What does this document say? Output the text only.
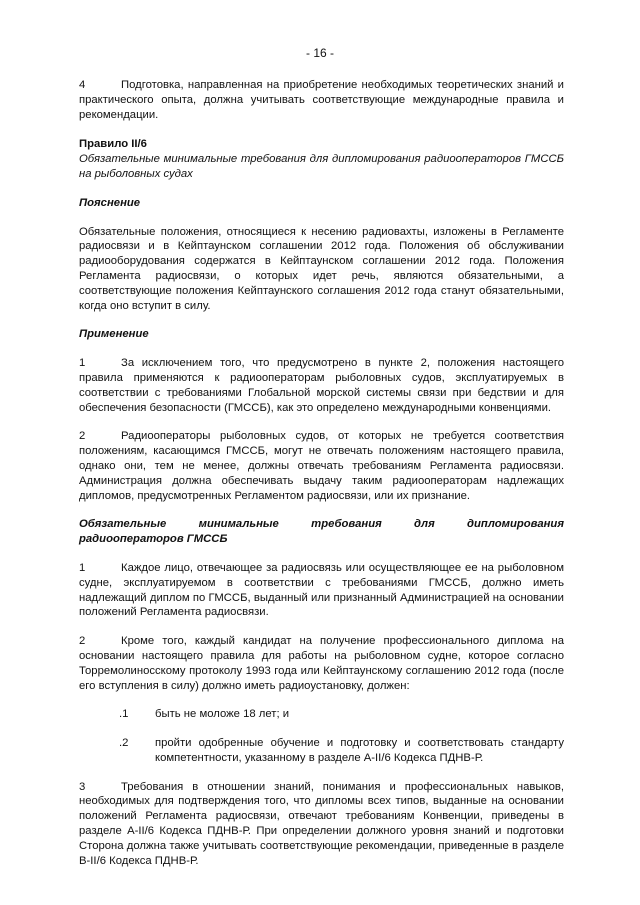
- 16 -

4	Подготовка, направленная на приобретение необходимых теоретических знаний и практического опыта, должна учитывать соответствующие международные правила и рекомендации.

Правило II/6
Обязательные минимальные требования для дипломирования радиооператоров ГМССБ на рыболовных судах
Пояснение

Обязательные положения, относящиеся к несению радиовахты, изложены в Регламенте радиосвязи и в Кейптаунском соглашении 2012 года. Положения об обслуживании радиооборудования содержатся в Кейптаунском соглашении 2012 года. Положения Регламента радиосвязи, о которых идет речь, являются обязательными, а соответствующие положения Кейптаунского соглашения 2012 года станут обязательными, когда оно вступит в силу.

Применение

1	За исключением того, что предусмотрено в пункте 2, положения настоящего правила применяются к радиооператорам рыболовных судов, эксплуатируемых в соответствии с требованиями Глобальной морской системы связи при бедствии и для обеспечения безопасности (ГМССБ), как это определено международными конвенциями.

2	Радиооператоры рыболовных судов, от которых не требуется соответствия положениям, касающимся ГМССБ, могут не отвечать положениям настоящего правила, однако они, тем не менее, должны отвечать требованиям Регламента радиосвязи. Администрация должна обеспечивать выдачу таким радиооператорам надлежащих дипломов, предусмотренных Регламентом радиосвязи, или их признание.

Обязательные минимальные требования для дипломирования
радиооператоров ГМССБ

1	Каждое лицо, отвечающее за радиосвязь или осуществляющее ее на рыболовном судне, эксплуатируемом в соответствии с требованиями ГМССБ, должно иметь надлежащий диплом по ГМССБ, выданный или признанный Администрацией на основании положений Регламента радиосвязи.

2	Кроме того, каждый кандидат на получение профессионального диплома на основании настоящего правила для работы на рыболовном судне, которое согласно Торремолиносскому протоколу 1993 года или Кейптаунскому соглашению 2012 года (после его вступления в силу) должно иметь радиоустановку, должен:

.1	быть не моложе 18 лет; и
.2	пройти одобренные обучение и подготовку и соответствовать стандарту компетентности, указанному в разделе A-II/6 Кодекса ПДНВ-Р.

3	Требования в отношении знаний, понимания и профессиональных навыков, необходимых для подтверждения того, что дипломы всех типов, выданные на основании положений Регламента радиосвязи, отвечают требованиям Конвенции, приведены в разделе A-II/6 Кодекса ПДНВ-Р. При определении должного уровня знаний и подготовки Сторона должна также учитывать соответствующие рекомендации, приведенные в разделе B-II/6 Кодекса ПДНВ-Р.
